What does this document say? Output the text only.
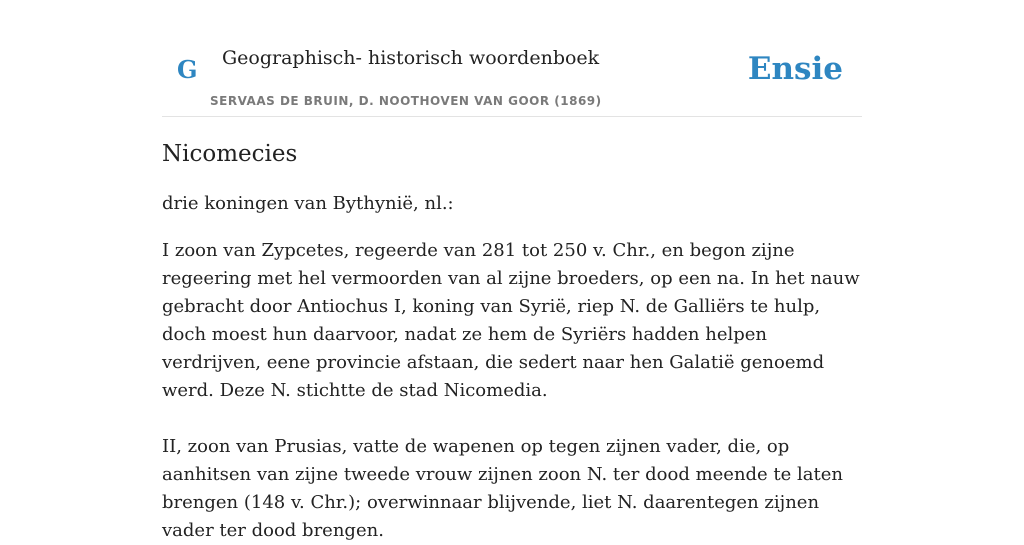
G Geographisch- historisch woordenboek
SERVAAS DE BRUIN, D. NOOTHOVEN VAN GOOR (1869)
Ensie
Nicomecies

drie koningen van Bythynië, nl.:

I zoon van Zypcetes, regeerde van 281 tot 250 v. Chr., en begon zijne regeering met hel vermoorden van al zijne broeders, op een na. In het nauw gebracht door Antiochus I, koning van Syrië, riep N. de Galliërs te hulp, doch moest hun daarvoor, nadat ze hem de Syriërs hadden helpen verdrijven, eene provincie afstaan, die sedert naar hen Galatië genoemd werd. Deze N. stichtte de stad Nicomedia.

II, zoon van Prusias, vatte de wapenen op tegen zijnen vader, die, op aanhitsen van zijne tweede vrouw zijnen zoon N. ter dood meende te laten brengen (148 v. Chr.); overwinnaar blijvende, liet N. daarentegen zijnen vader ter dood brengen.
